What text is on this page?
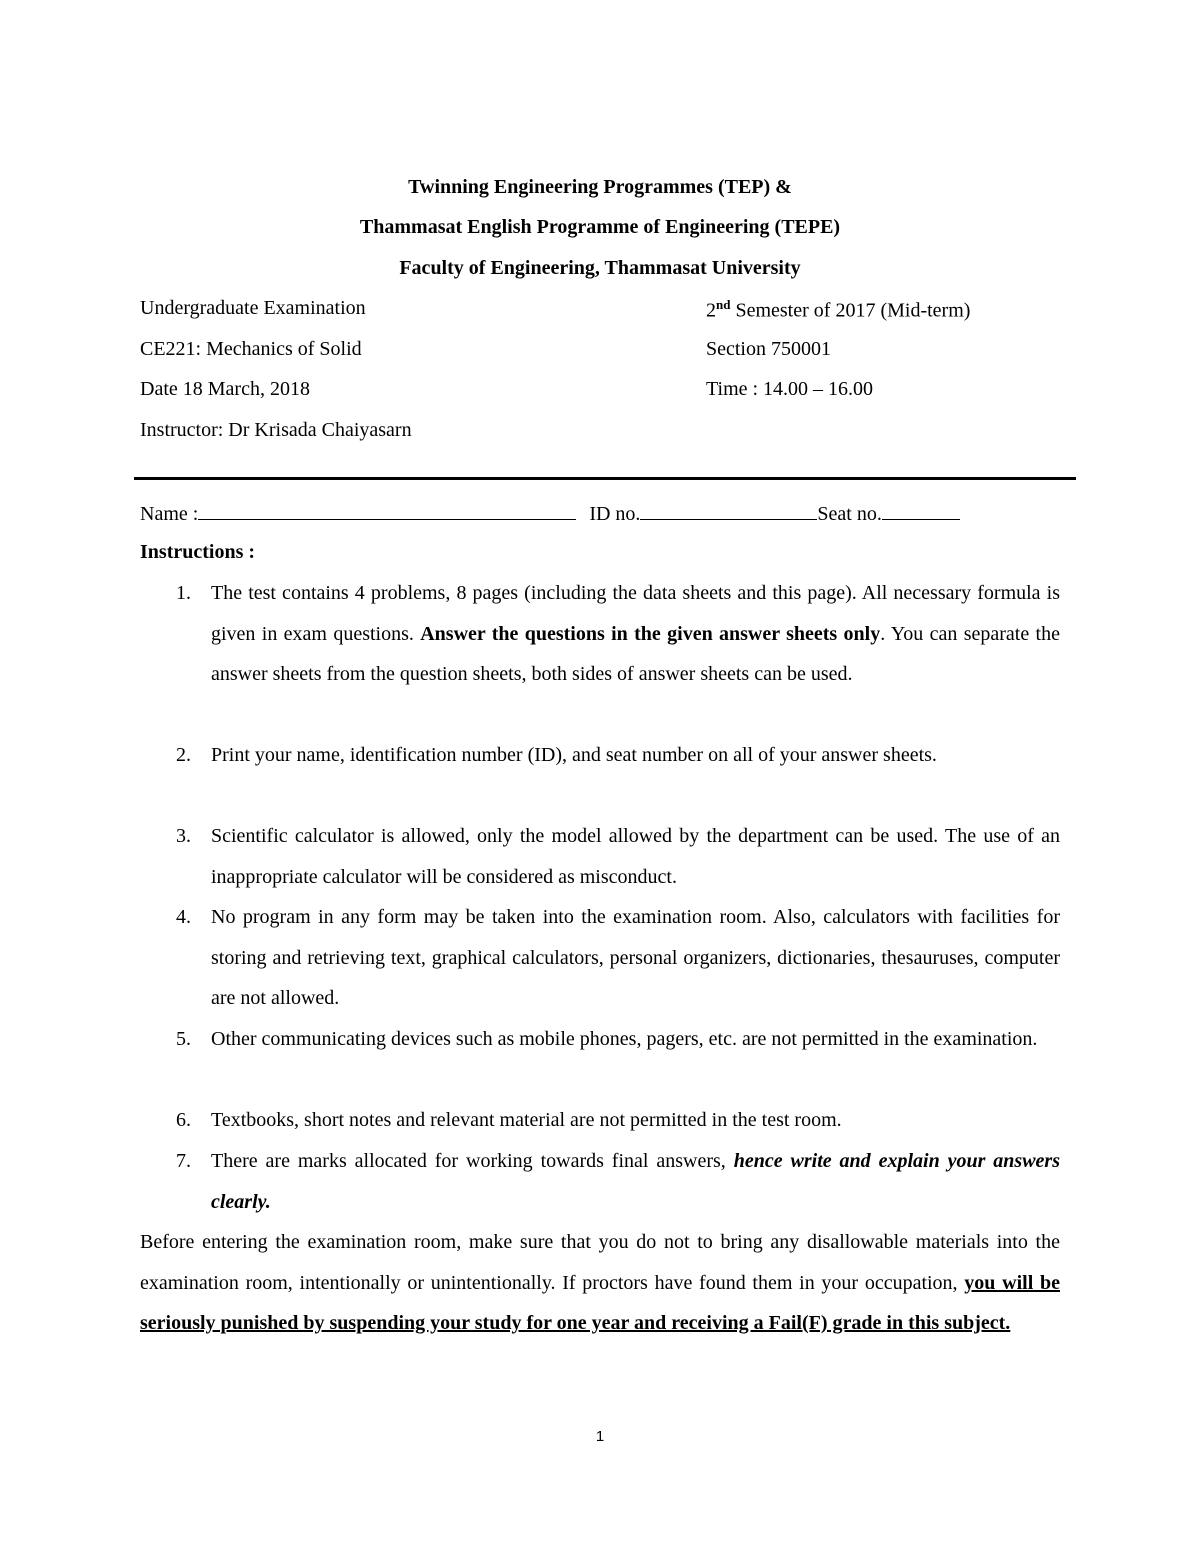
Twinning Engineering Programmes (TEP) &
Thammasat English Programme of Engineering (TEPE)
Faculty of Engineering, Thammasat University
Undergraduate Examination	2nd Semester of 2017 (Mid-term)
CE221: Mechanics of Solid	Section 750001
Date 18 March, 2018	Time : 14.00 – 16.00
Instructor: Dr Krisada Chaiyasarn
Name :	ID no.	Seat no.
Instructions :
1. The test contains 4 problems, 8 pages (including the data sheets and this page). All necessary formula is given in exam questions. Answer the questions in the given answer sheets only. You can separate the answer sheets from the question sheets, both sides of answer sheets can be used.
2. Print your name, identification number (ID), and seat number on all of your answer sheets.
3. Scientific calculator is allowed, only the model allowed by the department can be used. The use of an inappropriate calculator will be considered as misconduct.
4. No program in any form may be taken into the examination room. Also, calculators with facilities for storing and retrieving text, graphical calculators, personal organizers, dictionaries, thesauruses, computer are not allowed.
5. Other communicating devices such as mobile phones, pagers, etc. are not permitted in the examination.
6. Textbooks, short notes and relevant material are not permitted in the test room.
7. There are marks allocated for working towards final answers, hence write and explain your answers clearly.
Before entering the examination room, make sure that you do not to bring any disallowable materials into the examination room, intentionally or unintentionally. If proctors have found them in your occupation, you will be seriously punished by suspending your study for one year and receiving a Fail(F) grade in this subject.
1
